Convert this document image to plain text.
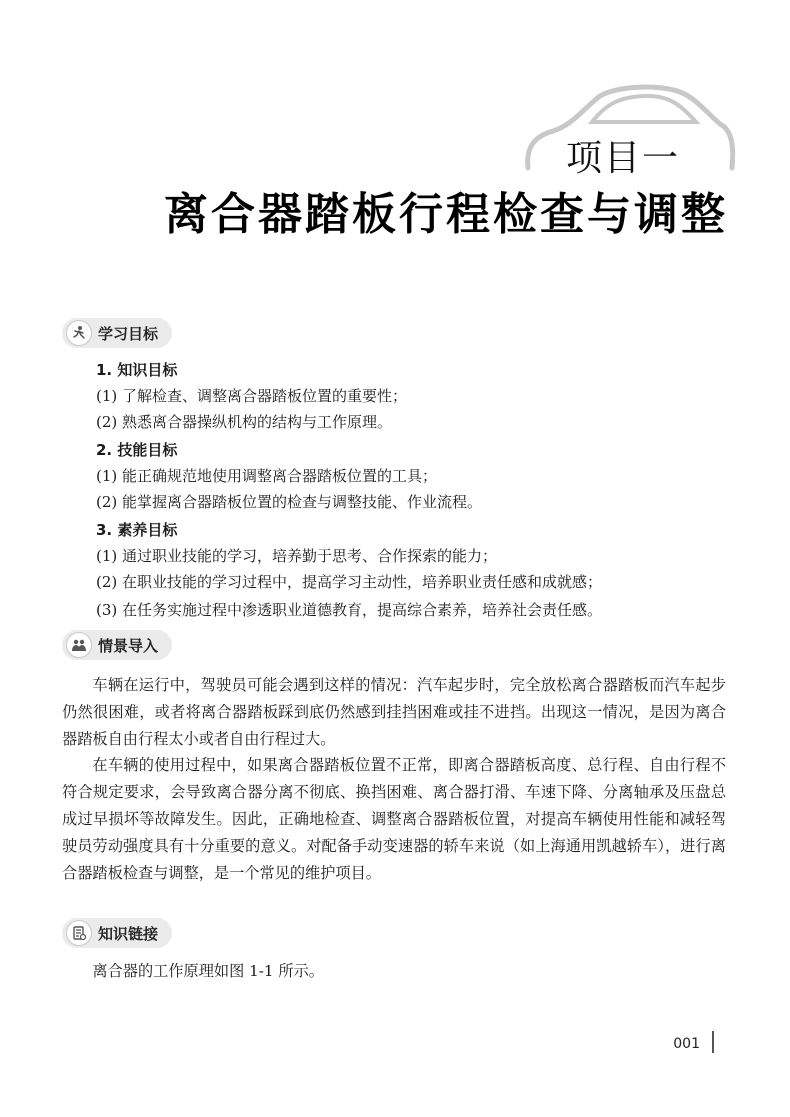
项目一
离合器踏板行程检查与调整
学习目标
1. 知识目标
(1) 了解检查、调整离合器踏板位置的重要性；
(2) 熟悉离合器操纵机构的结构与工作原理。
2. 技能目标
(1) 能正确规范地使用调整离合器踏板位置的工具；
(2) 能掌握离合器踏板位置的检查与调整技能、作业流程。
3. 素养目标
(1) 通过职业技能的学习，培养勤于思考、合作探索的能力；
(2) 在职业技能的学习过程中，提高学习主动性，培养职业责任感和成就感；
(3) 在任务实施过程中渗透职业道德教育，提高综合素养，培养社会责任感。
情景导入

车辆在运行中，驾驶员可能会遇到这样的情况：汽车起步时，完全放松离合器踏板而汽车起步仍然很困难，或者将离合器踏板踩到底仍然感到挂挡困难或挂不进挡。出现这一情况，是因为离合器踏板自由行程太小或者自由行程过大。

在车辆的使用过程中，如果离合器踏板位置不正常，即离合器踏板高度、总行程、自由行程不符合规定要求，会导致离合器分离不彻底、换挡困难、离合器打滑、车速下降、分离轴承及压盘总成过早损坏等故障发生。因此，正确地检查、调整离合器踏板位置，对提高车辆使用性能和减轻驾驶员劳动强度具有十分重要的意义。对配备手动变速器的轿车来说（如上海通用凯越轿车），进行离合器踏板检查与调整，是一个常见的维护项目。

知识链接

离合器的工作原理如图 1-1 所示。

001
